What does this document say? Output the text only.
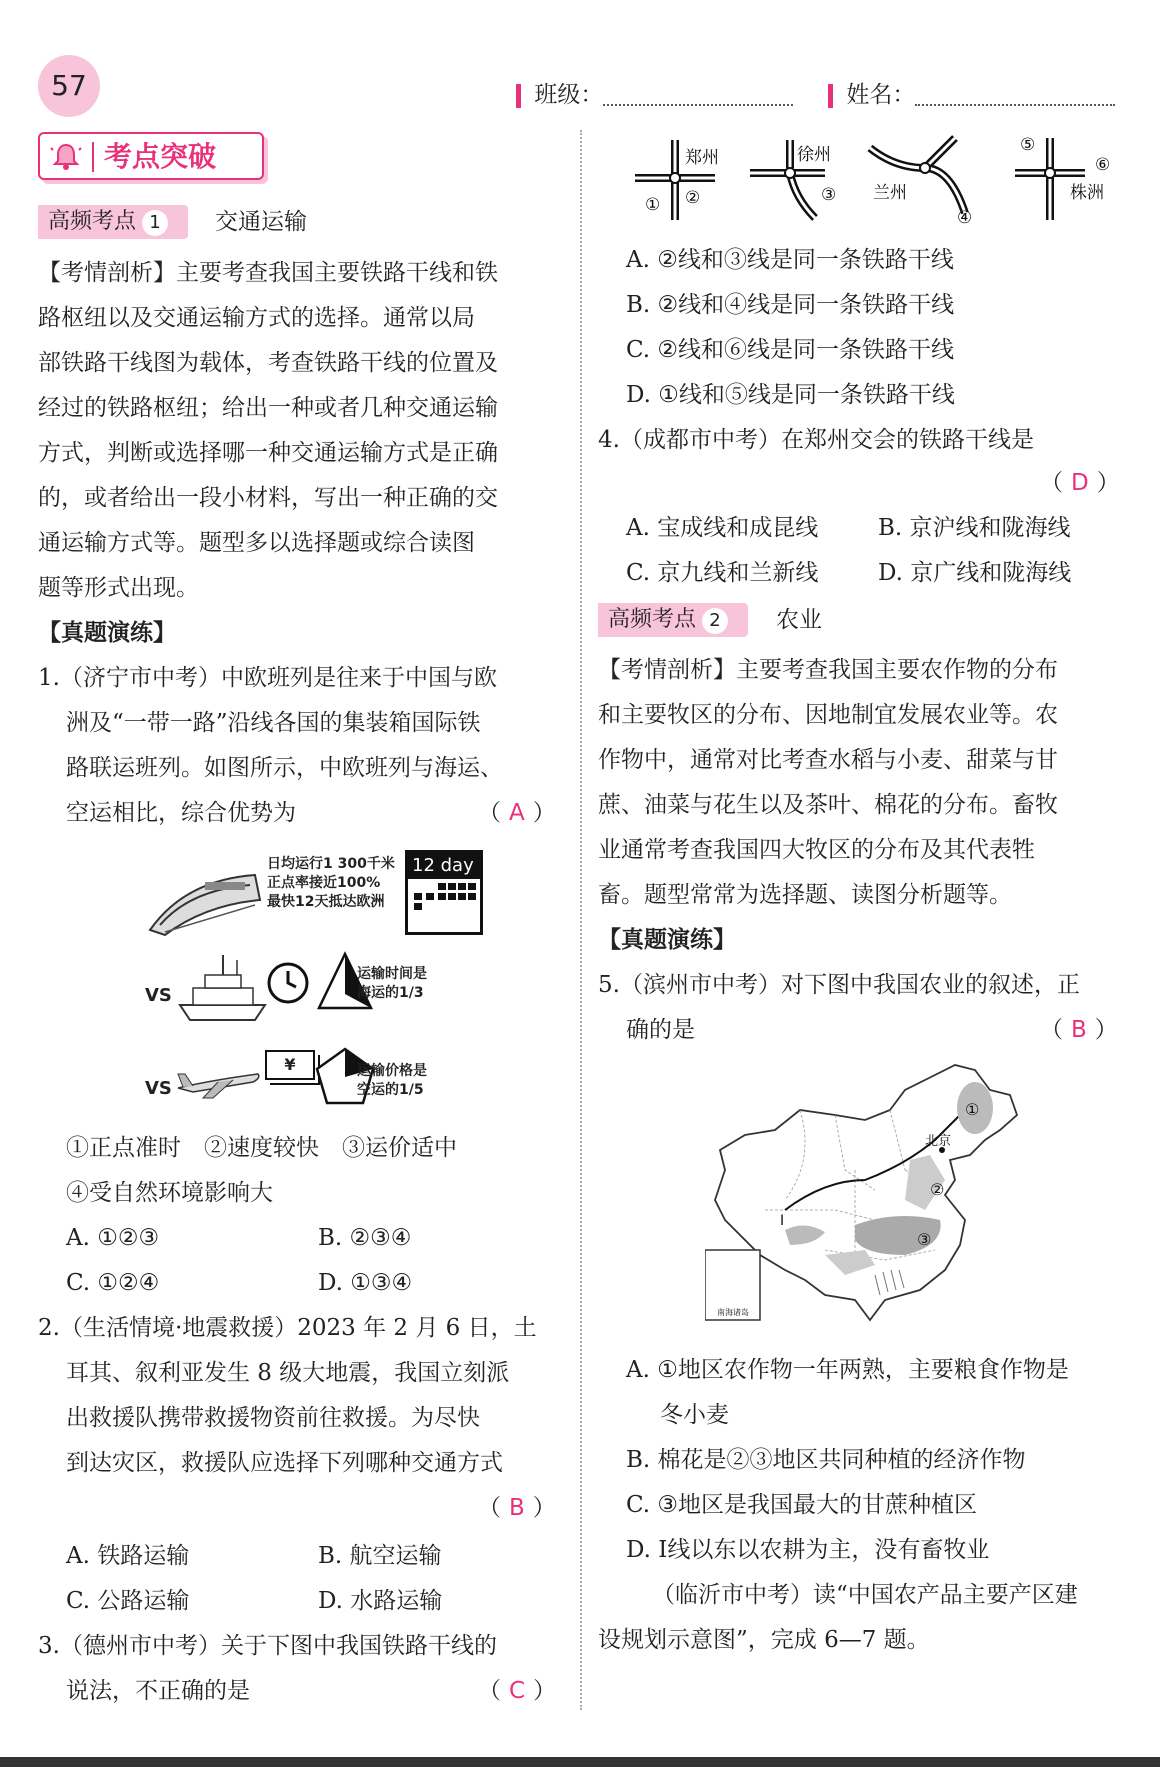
57	班级：	姓名：
考点突破
高频考点 1	交通运输
【考情剖析】主要考查我国主要铁路干线和铁
路枢纽以及交通运输方式的选择。通常以局
部铁路干线图为载体，考查铁路干线的位置及
经过的铁路枢纽；给出一种或者几种交通运输
方式，判断或选择哪一种交通运输方式是正确
的，或者给出一段小材料，写出一种正确的交
通运输方式等。题型多以选择题或综合读图
题等形式出现。
【真题演练】
1.（济宁市中考）中欧班列是往来于中国与欧
洲及“一带一路”沿线各国的集装箱国际铁
路联运班列。如图所示，中欧班列与海运、
空运相比，综合优势为	（ A ）
日均运行1 300千米
正点率接近100%
最快12天抵达欧洲
12 day
VS
运输时间是
海运的1/3
VS
¥	运输价格是
空运的1/5
①正点准时　②速度较快　③运价适中
④受自然环境影响大
A. ①②③	B. ②③④
C. ①②④	D. ①③④
2.（生活情境·地震救援）2023 年 2 月 6 日，土
耳其、叙利亚发生 8 级大地震，我国立刻派
出救援队携带救援物资前往救援。为尽快
到达灾区，救援队应选择下列哪种交通方式
（ B ）
A. 铁路运输	B. 航空运输
C. 公路运输	D. 水路运输
3.（德州市中考）关于下图中我国铁路干线的
说法，不正确的是	（ C ）
郑州
① ②
徐州
③ 兰州
④
⑤
⑥
株洲
A. ②线和③线是同一条铁路干线
B. ②线和④线是同一条铁路干线
C. ②线和⑥线是同一条铁路干线
D. ①线和⑤线是同一条铁路干线
4.（成都市中考）在郑州交会的铁路干线是
（ D ）
A. 宝成线和成昆线	B. 京沪线和陇海线
C. 京九线和兰新线	D. 京广线和陇海线
高频考点 2	农业
【考情剖析】主要考查我国主要农作物的分布
和主要牧区的分布、因地制宜发展农业等。农
作物中，通常对比考查水稻与小麦、甜菜与甘
蔗、油菜与花生以及茶叶、棉花的分布。畜牧
业通常考查我国四大牧区的分布及其代表牲
畜。题型常常为选择题、读图分析题等。
【真题演练】
5.（滨州市中考）对下图中我国农业的叙述，正
确的是	（ B ）
北京
①
②
③
Ⅰ
南海诸岛
A. ①地区农作物一年两熟，主要粮食作物是
冬小麦
B. 棉花是②③地区共同种植的经济作物
C. ③地区是我国最大的甘蔗种植区
D. Ⅰ线以东以农耕为主，没有畜牧业
（临沂市中考）读“中国农产品主要产区建
设规划示意图”，完成 6—7 题。
